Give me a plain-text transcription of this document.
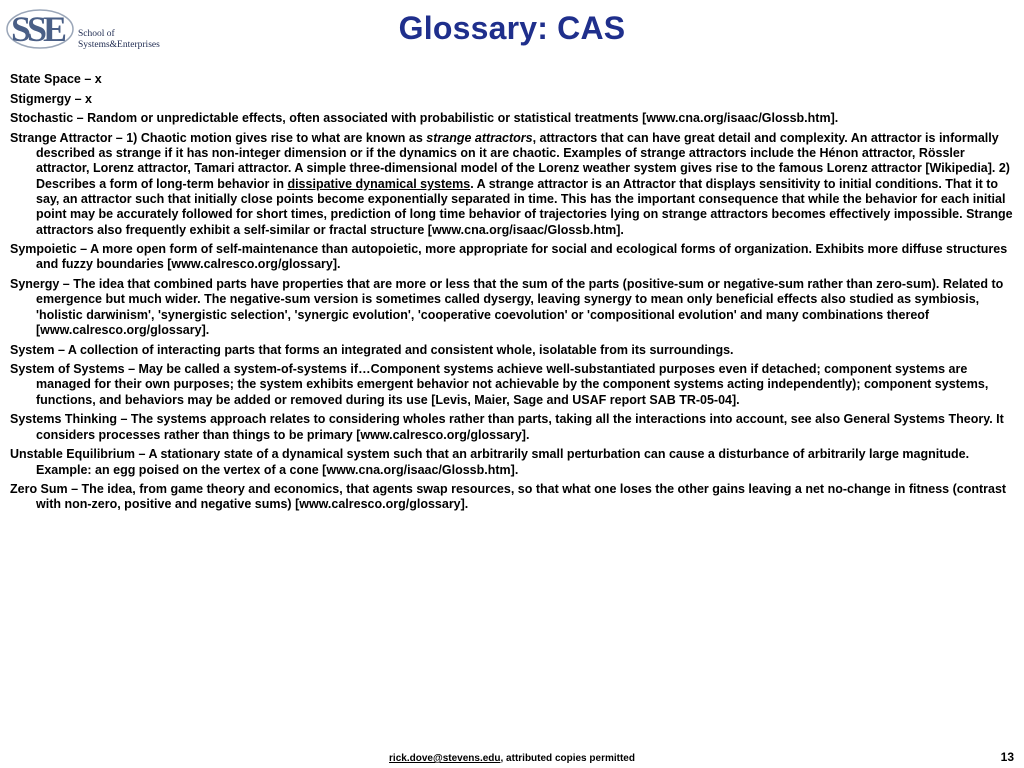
SSE	School of
Systems&Enterprises	Glossary: CAS

State Space – x

Stigmergy – x

Stochastic – Random or unpredictable effects, often associated with probabilistic or statistical treatments [www.cna.org/isaac/Glossb.htm].

Strange Attractor – 1) Chaotic motion gives rise to what are known as strange attractors, attractors that can have great detail and complexity. An attractor is informally described as strange if it has non-integer dimension or if the dynamics on it are chaotic. Examples of strange attractors include the Hénon attractor, Rössler attractor, Lorenz attractor, Tamari attractor. A simple three-dimensional model of the Lorenz weather system gives rise to the famous Lorenz attractor [Wikipedia]. 2) Describes a form of long-term behavior in dissipative dynamical systems. A strange attractor is an Attractor that displays sensitivity to initial conditions. That it to say, an attractor such that initially close points become exponentially separated in time. This has the important consequence that while the behavior for each initial point may be accurately followed for short times, prediction of long time behavior of trajectories lying on strange attractors becomes effectively impossible. Strange attractors also frequently exhibit a self-similar or fractal structure [www.cna.org/isaac/Glossb.htm].

Sympoietic – A more open form of self-maintenance than autopoietic, more appropriate for social and ecological forms of organization. Exhibits more diffuse structures and fuzzy boundaries [www.calresco.org/glossary].

Synergy – The idea that combined parts have properties that are more or less that the sum of the parts (positive-sum or negative-sum rather than zero-sum). Related to emergence but much wider. The negative-sum version is sometimes called dysergy, leaving synergy to mean only beneficial effects also studied as symbiosis, 'holistic darwinism', 'synergistic selection', 'synergic evolution', 'cooperative coevolution' or 'compositional evolution' and many combinations thereof [www.calresco.org/glossary].

System – A collection of interacting parts that forms an integrated and consistent whole, isolatable from its surroundings.

System of Systems – May be called a system-of-systems if…Component systems achieve well-substantiated purposes even if detached; component systems are managed for their own purposes; the system exhibits emergent behavior not achievable by the component systems acting independently); component systems, functions, and behaviors may be added or removed during its use [Levis, Maier, Sage and USAF report SAB TR-05-04].

Systems Thinking – The systems approach relates to considering wholes rather than parts, taking all the interactions into account, see also General Systems Theory. It considers processes rather than things to be primary [www.calresco.org/glossary].

Unstable Equilibrium – A stationary state of a dynamical system such that an arbitrarily small perturbation can cause a disturbance of arbitrarily large magnitude. Example: an egg poised on the vertex of a cone [www.cna.org/isaac/Glossb.htm].

Zero Sum – The idea, from game theory and economics, that agents swap resources, so that what one loses the other gains leaving a net no-change in fitness (contrast with non-zero, positive and negative sums) [www.calresco.org/glossary].

rick.dove@stevens.edu, attributed copies permitted	13
